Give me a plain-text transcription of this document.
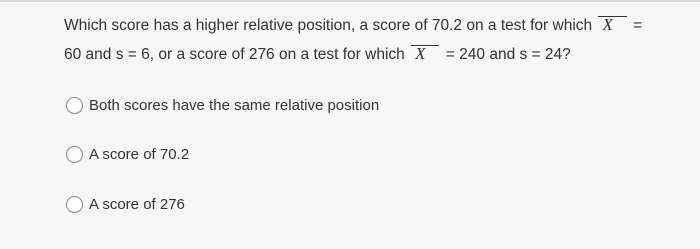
Which score has a higher relative position, a score of 70.2 on a test for which X =
60 and s = 6, or a score of 276 on a test for which X = 240 and s = 24?
Both scores have the same relative position
A score of 70.2
A score of 276
